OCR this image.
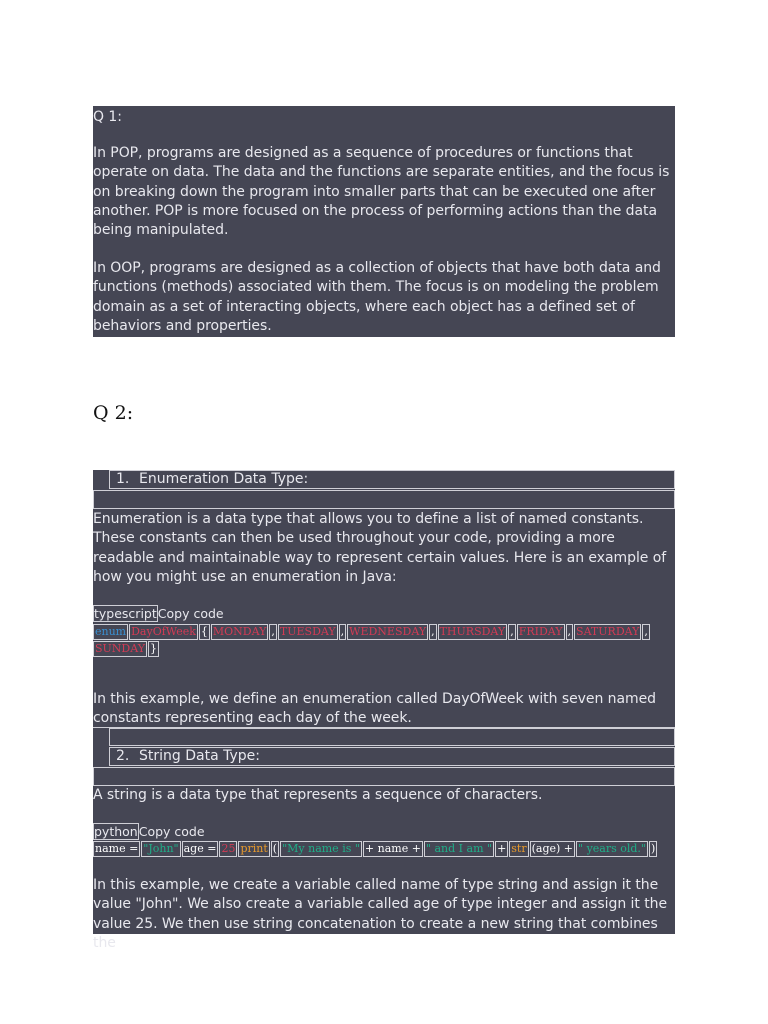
Q 1:

In POP, programs are designed as a sequence of procedures or functions that operate on data. The data and the functions are separate entities, and the focus is on breaking down the program into smaller parts that can be executed one after another. POP is more focused on the process of performing actions than the data being manipulated.

In OOP, programs are designed as a collection of objects that have both data and functions (methods) associated with them. The focus is on modeling the problem domain as a set of interacting objects, where each object has a defined set of behaviors and properties.

Q 2:
1. Enumeration Data Type:

Enumeration is a data type that allows you to define a list of named constants. These constants can then be used throughout your code, providing a more readable and maintainable way to represent certain values. Here is an example of how you might use an enumeration in Java:

typescriptCopy code
enum DayOfWeek { MONDAY , TUESDAY , WEDNESDAY , THURSDAY , FRIDAY , SATURDAY ,
SUNDAY }

In this example, we define an enumeration called DayOfWeek with seven named constants representing each day of the week.

2. String Data Type:

A string is a data type that represents a sequence of characters.

pythonCopy code
name = "John" age = 25 print ( "My name is " + name + " and I am " + str (age) + " years old." )

In this example, we create a variable called name of type string and assign it the value "John". We also create a variable called age of type integer and assign it the value 25. We then use string concatenation to create a new string that combines the
